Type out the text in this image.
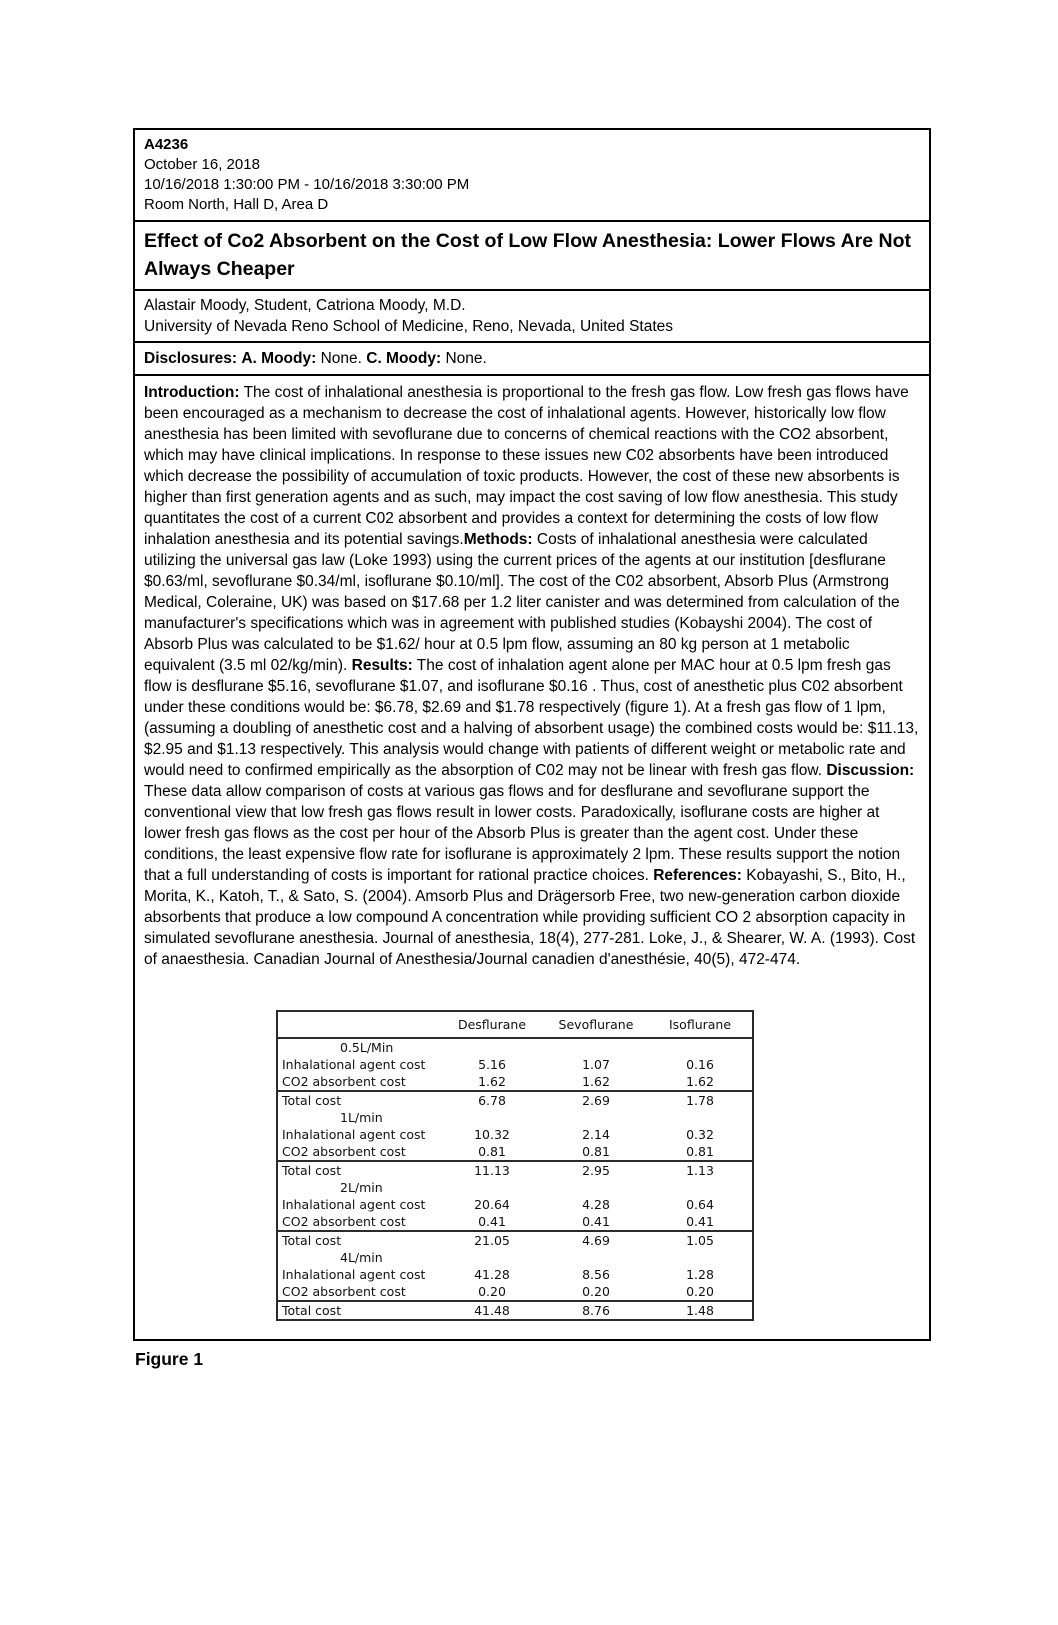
A4236
October 16, 2018
10/16/2018 1:30:00 PM - 10/16/2018 3:30:00 PM
Room North, Hall D, Area D
Effect of Co2 Absorbent on the Cost of Low Flow Anesthesia: Lower Flows Are Not Always Cheaper
Alastair Moody, Student, Catriona Moody, M.D.
University of Nevada Reno School of Medicine, Reno, Nevada, United States

Disclosures: A. Moody: None. C. Moody: None.

Introduction: The cost of inhalational anesthesia is proportional to the fresh gas flow. Low fresh gas flows have been encouraged as a mechanism to decrease the cost of inhalational agents. However, historically low flow anesthesia has been limited with sevoflurane due to concerns of chemical reactions with the CO2 absorbent, which may have clinical implications. In response to these issues new C02 absorbents have been introduced which decrease the possibility of accumulation of toxic products. However, the cost of these new absorbents is higher than first generation agents and as such, may impact the cost saving of low flow anesthesia. This study quantitates the cost of a current C02 absorbent and provides a context for determining the costs of low flow inhalation anesthesia and its potential savings.Methods: Costs of inhalational anesthesia were calculated utilizing the universal gas law (Loke 1993) using the current prices of the agents at our institution [desflurane $0.63/ml, sevoflurane $0.34/ml, isoflurane $0.10/ml]. The cost of the C02 absorbent, Absorb Plus (Armstrong Medical, Coleraine, UK) was based on $17.68 per 1.2 liter canister and was determined from calculation of the manufacturer's specifications which was in agreement with published studies (Kobayshi 2004). The cost of Absorb Plus was calculated to be $1.62/ hour at 0.5 lpm flow, assuming an 80 kg person at 1 metabolic equivalent (3.5 ml 02/kg/min). Results: The cost of inhalation agent alone per MAC hour at 0.5 lpm fresh gas flow is desflurane $5.16, sevoflurane $1.07, and isoflurane $0.16 . Thus, cost of anesthetic plus C02 absorbent under these conditions would be: $6.78, $2.69 and $1.78 respectively (figure 1). At a fresh gas flow of 1 lpm, (assuming a doubling of anesthetic cost and a halving of absorbent usage) the combined costs would be: $11.13, $2.95 and $1.13 respectively. This analysis would change with patients of different weight or metabolic rate and would need to confirmed empirically as the absorption of C02 may not be linear with fresh gas flow. Discussion: These data allow comparison of costs at various gas flows and for desflurane and sevoflurane support the conventional view that low fresh gas flows result in lower costs. Paradoxically, isoflurane costs are higher at lower fresh gas flows as the cost per hour of the Absorb Plus is greater than the agent cost. Under these conditions, the least expensive flow rate for isoflurane is approximately 2 lpm. These results support the notion that a full understanding of costs is important for rational practice choices. References: Kobayashi, S., Bito, H., Morita, K., Katoh, T., & Sato, S. (2004). Amsorb Plus and Drägersorb Free, two new-generation carbon dioxide absorbents that produce a low compound A concentration while providing sufficient CO 2 absorption capacity in simulated sevoflurane anesthesia. Journal of anesthesia, 18(4), 277-281. Loke, J., & Shearer, W. A. (1993). Cost of anaesthesia. Canadian Journal of Anesthesia/Journal canadien d'anesthésie, 40(5), 472-474.

	Desflurane	Sevoflurane	Isoflurane
0.5L/Min			
Inhalational agent cost	5.16	1.07	0.16
CO2 absorbent cost	1.62	1.62	1.62
Total cost	6.78	2.69	1.78
1L/min			
Inhalational agent cost	10.32	2.14	0.32
CO2 absorbent cost	0.81	0.81	0.81
Total cost	11.13	2.95	1.13
2L/min			
Inhalational agent cost	20.64	4.28	0.64
CO2 absorbent cost	0.41	0.41	0.41
Total cost	21.05	4.69	1.05
4L/min			
Inhalational agent cost	41.28	8.56	1.28
CO2 absorbent cost	0.20	0.20	0.20
Total cost	41.48	8.76	1.48
Figure 1
